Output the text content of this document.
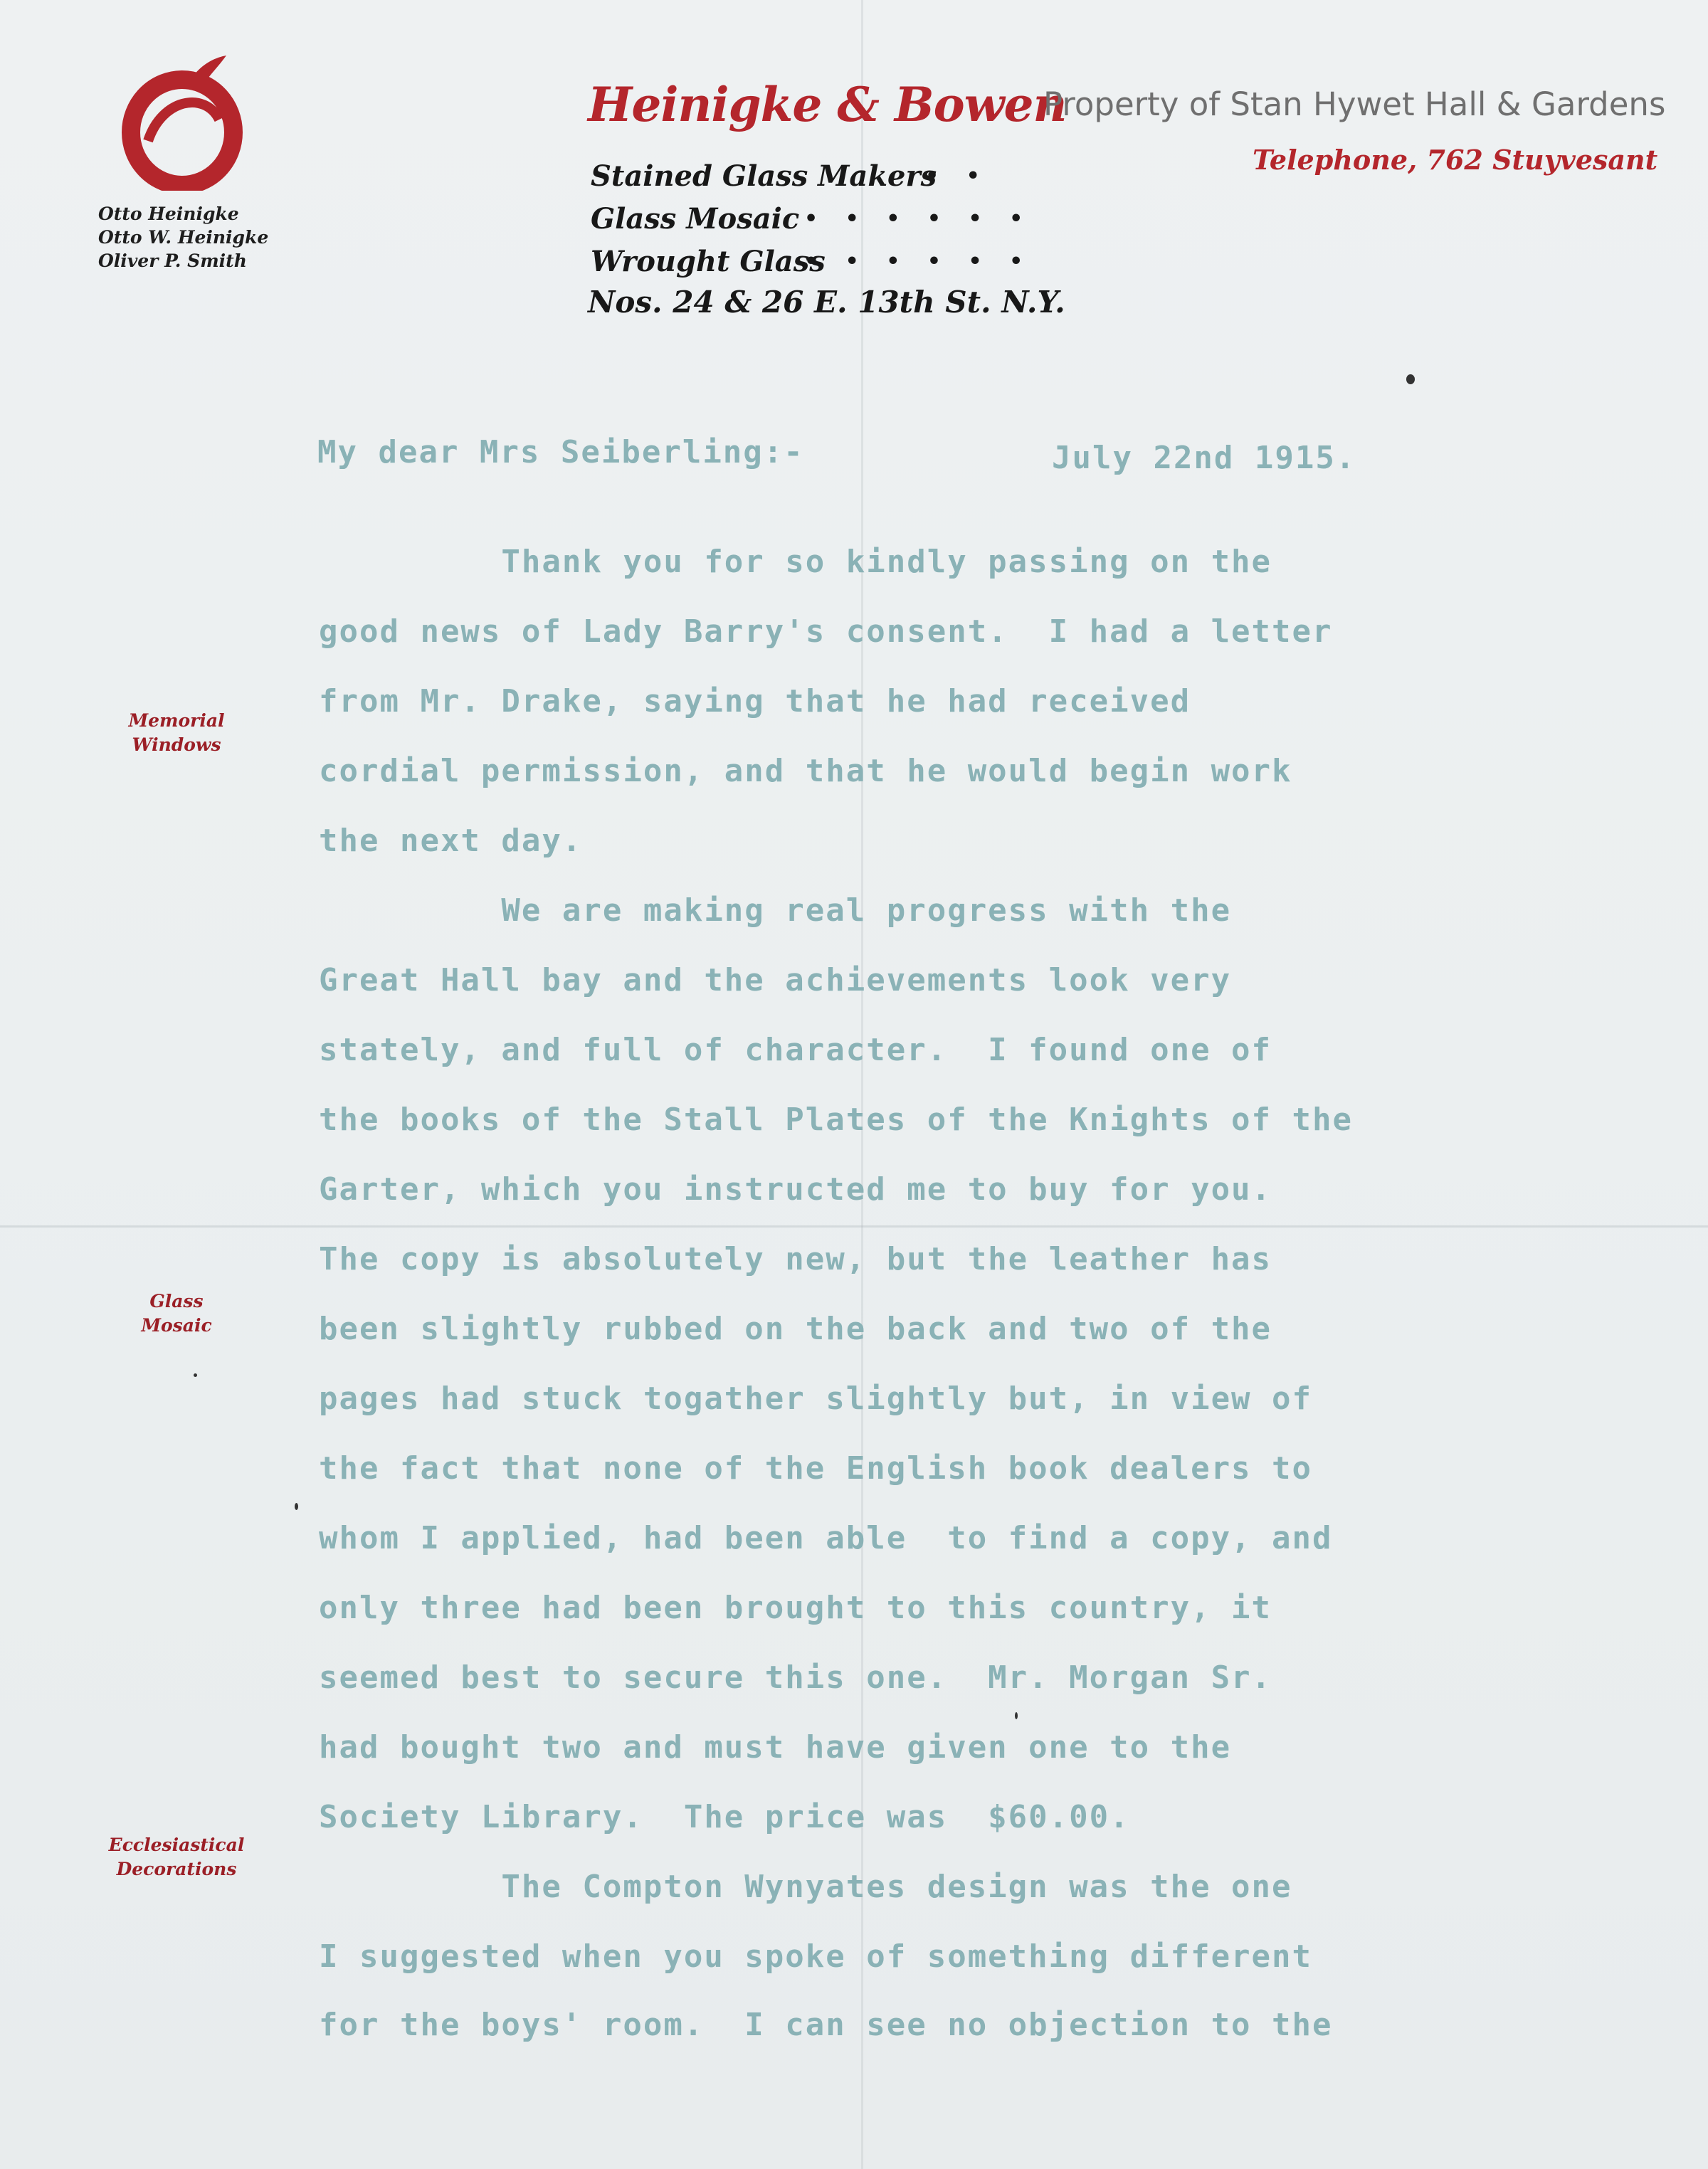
Otto Heinigke
Otto W. Heinigke
Oliver P. Smith
Heinigke & Bowen
Stained Glass Makers
• •
Glass Mosaic • • • • • •
Wrought Glass
• • • • • •
Nos. 24 & 26 E. 13th St. N.Y.
Property of Stan Hywet Hall & Gardens
Telephone, 762 Stuyvesant
Memorial
Windows
Glass
Mosaic
Ecclesiastical
Decorations

My dear Mrs Seiberling:-

	July 22nd 1915.

Thank you for so kindly passing on the

good news of Lady Barry's consent.  I had a letter

from Mr. Drake, saying that he had received

cordial permission, and that he would begin work

the next day.

We are making real progress with the

Great Hall bay and the achievements look very

stately, and full of character.  I found one of

the books of the Stall Plates of the Knights of the

Garter, which you instructed me to buy for you.

The copy is absolutely new, but the leather has

been slightly rubbed on the back and two of the

pages had stuck togather slightly but, in view of

the fact that none of the English book dealers to

whom I applied, had been able  to find a copy, and

only three had been brought to this country, it

seemed best to secure this one.  Mr. Morgan Sr.

had bought two and must have given one to the

Society Library.  The price was  $60.00.

The Compton Wynyates design was the one

I suggested when you spoke of something different

for the boys' room.  I can see no objection to the
